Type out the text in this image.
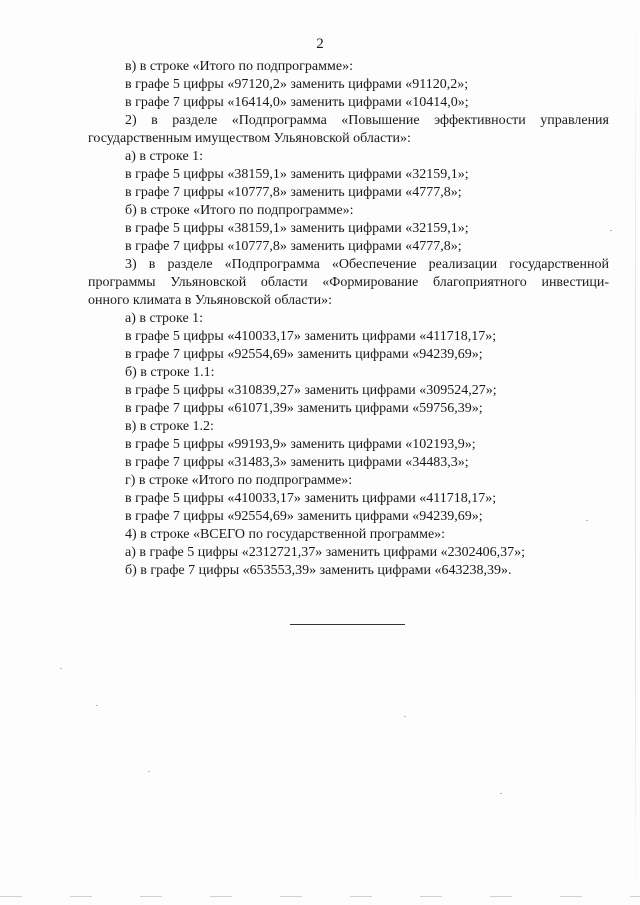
2
в) в строке «Итого по подпрограмме»:
в графе 5 цифры «97120,2» заменить цифрами «91120,2»;
в графе 7 цифры «16414,0» заменить цифрами «10414,0»;
2) в разделе «Подпрограмма «Повышение эффективности управления
государственным имуществом Ульяновской области»:
а) в строке 1:
в графе 5 цифры «38159,1» заменить цифрами «32159,1»;
в графе 7 цифры «10777,8» заменить цифрами «4777,8»;
б) в строке «Итого по подпрограмме»:
в графе 5 цифры «38159,1» заменить цифрами «32159,1»;
в графе 7 цифры «10777,8» заменить цифрами «4777,8»;
3) в разделе «Подпрограмма «Обеспечение реализации государственной
программы Ульяновской области «Формирование благоприятного инвестици-
онного климата в Ульяновской области»:
а) в строке 1:
в графе 5 цифры «410033,17» заменить цифрами «411718,17»;
в графе 7 цифры «92554,69» заменить цифрами «94239,69»;
б) в строке 1.1:
в графе 5 цифры «310839,27» заменить цифрами «309524,27»;
в графе 7 цифры «61071,39» заменить цифрами «59756,39»;
в) в строке 1.2:
в графе 5 цифры «99193,9» заменить цифрами «102193,9»;
в графе 7 цифры «31483,3» заменить цифрами «34483,3»;
г) в строке «Итого по подпрограмме»:
в графе 5 цифры «410033,17» заменить цифрами «411718,17»;
в графе 7 цифры «92554,69» заменить цифрами «94239,69»;
4) в строке «ВСЕГО по государственной программе»:
а) в графе 5 цифры «2312721,37» заменить цифрами «2302406,37»;
б) в графе 7 цифры «653553,39» заменить цифрами «643238,39».
